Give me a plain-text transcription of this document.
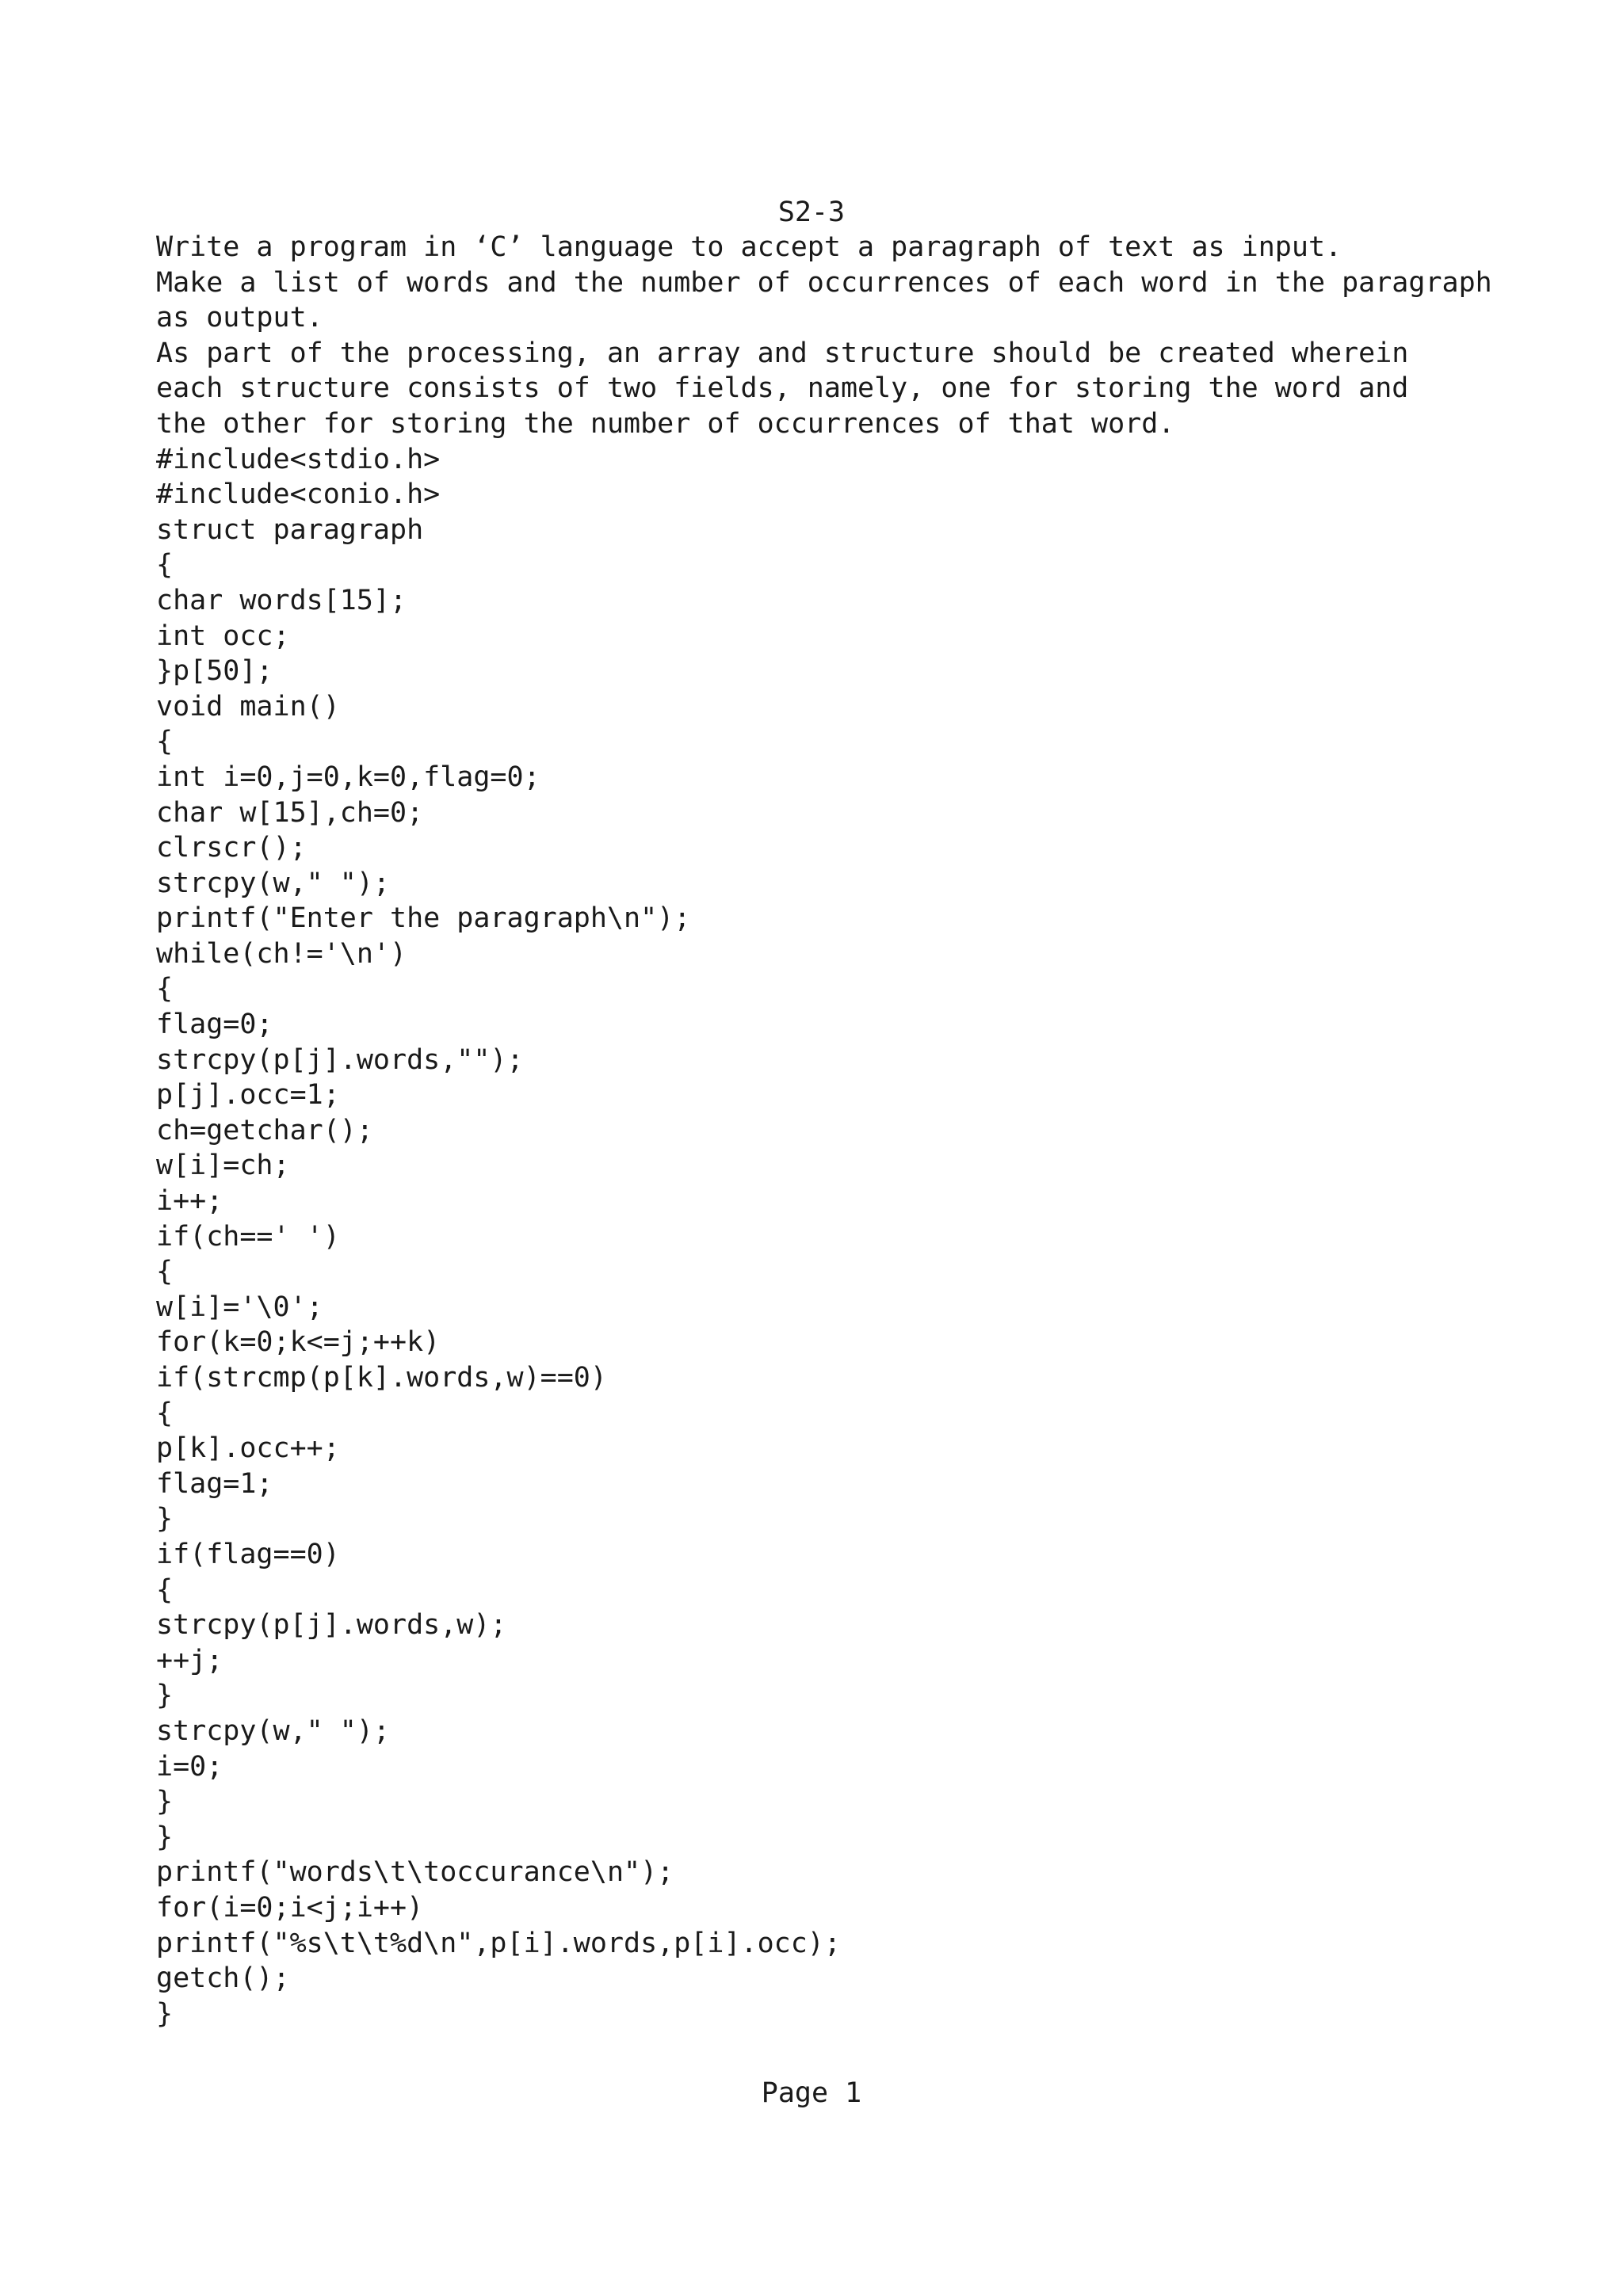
S2-3
Write a program in ‘C’ language to accept a paragraph of text as input.
Make a list of words and the number of occurrences of each word in the paragraph
as output.
As part of the processing, an array and structure should be created wherein
each structure consists of two fields, namely, one for storing the word and
the other for storing the number of occurrences of that word.
#include<stdio.h>
#include<conio.h>
struct paragraph
{
char words[15];
int occ;
}p[50];
void main()
{
int i=0,j=0,k=0,flag=0;
char w[15],ch=0;
clrscr();
strcpy(w," ");
printf("Enter the paragraph\n");
while(ch!='\n')
{
flag=0;
strcpy(p[j].words,"");
p[j].occ=1;
ch=getchar();
w[i]=ch;
i++;
if(ch==' ')
{
w[i]='\0';
for(k=0;k<=j;++k)
if(strcmp(p[k].words,w)==0)
{
p[k].occ++;
flag=1;
}
if(flag==0)
{
strcpy(p[j].words,w);
++j;
}
strcpy(w," ");
i=0;
}
}
printf("words\t\toccurance\n");
for(i=0;i<j;i++)
printf("%s\t\t%d\n",p[i].words,p[i].occ);
getch();
}
Page 1
